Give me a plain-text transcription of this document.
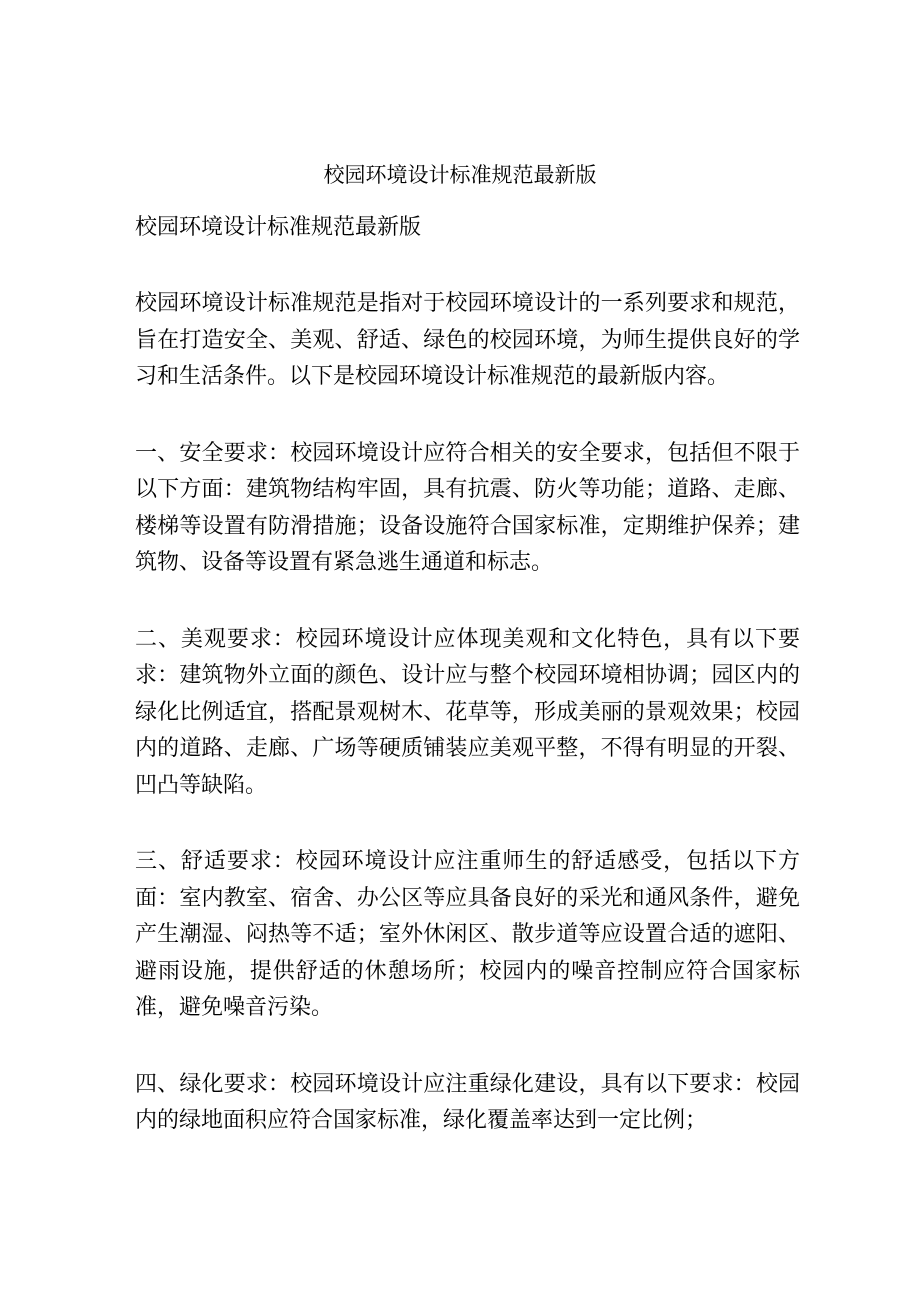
校园环境设计标准规范最新版

校园环境设计标准规范最新版

校园环境设计标准规范是指对于校园环境设计的一系列要求和规范，旨在打造安全、美观、舒适、绿色的校园环境，为师生提供良好的学习和生活条件。以下是校园环境设计标准规范的最新版内容。

一、安全要求：校园环境设计应符合相关的安全要求，包括但不限于以下方面：建筑物结构牢固，具有抗震、防火等功能；道路、走廊、楼梯等设置有防滑措施；设备设施符合国家标准，定期维护保养；建筑物、设备等设置有紧急逃生通道和标志。

二、美观要求：校园环境设计应体现美观和文化特色，具有以下要求：建筑物外立面的颜色、设计应与整个校园环境相协调；园区内的绿化比例适宜，搭配景观树木、花草等，形成美丽的景观效果；校园内的道路、走廊、广场等硬质铺装应美观平整，不得有明显的开裂、凹凸等缺陷。

三、舒适要求：校园环境设计应注重师生的舒适感受，包括以下方面：室内教室、宿舍、办公区等应具备良好的采光和通风条件，避免产生潮湿、闷热等不适；室外休闲区、散步道等应设置合适的遮阳、避雨设施，提供舒适的休憩场所；校园内的噪音控制应符合国家标准，避免噪音污染。

四、绿化要求：校园环境设计应注重绿化建设，具有以下要求：校园内的绿地面积应符合国家标准，绿化覆盖率达到一定比例；
